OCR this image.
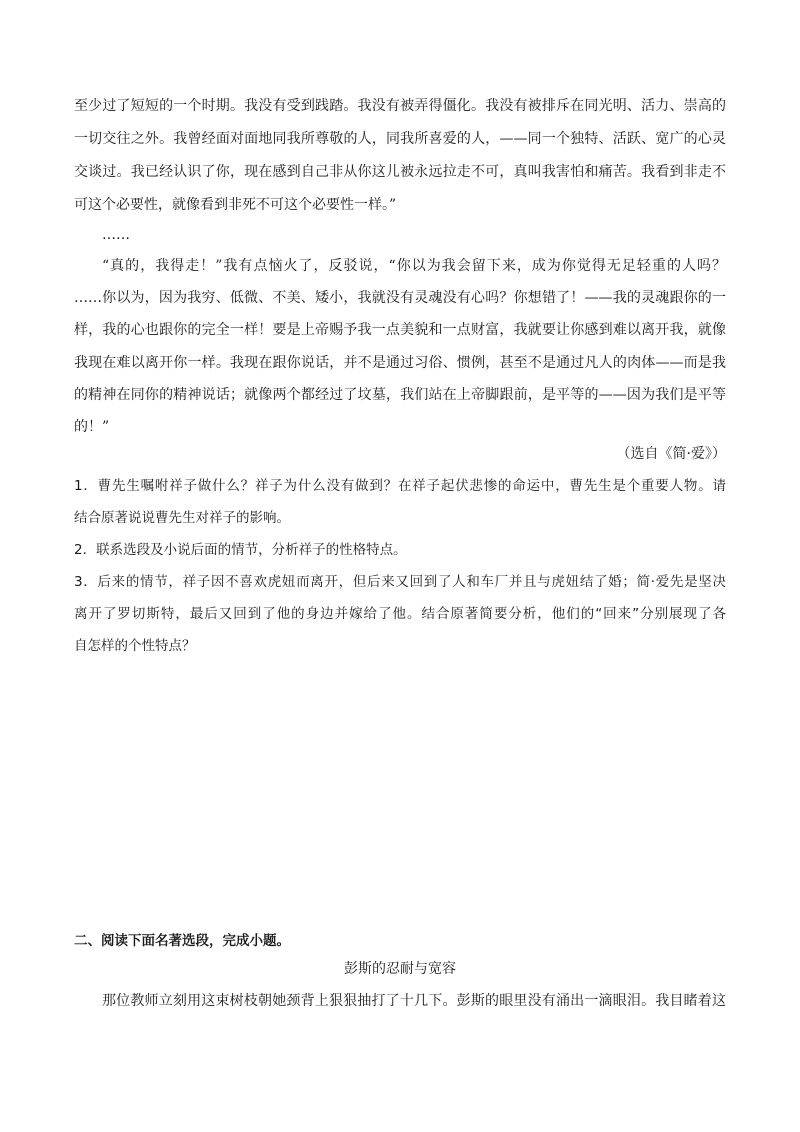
至少过了短短的一个时期。我没有受到践踏。我没有被弄得僵化。我没有被排斥在同光明、活力、崇高的
一切交往之外。我曾经面对面地同我所尊敬的人，同我所喜爱的人，——同一个独特、活跃、宽广的心灵
交谈过。我已经认识了你，现在感到自己非从你这儿被永远拉走不可，真叫我害怕和痛苦。我看到非走不
可这个必要性，就像看到非死不可这个必要性一样。”
……
“真的，我得走！”我有点恼火了，反驳说，“你以为我会留下来，成为你觉得无足轻重的人吗？
……你以为，因为我穷、低微、不美、矮小，我就没有灵魂没有心吗？你想错了！——我的灵魂跟你的一
样，我的心也跟你的完全一样！要是上帝赐予我一点美貌和一点财富，我就要让你感到难以离开我，就像
我现在难以离开你一样。我现在跟你说话，并不是通过习俗、惯例，甚至不是通过凡人的肉体——而是我
的精神在同你的精神说话；就像两个都经过了坟墓，我们站在上帝脚跟前，是平等的——因为我们是平等
的！”
（选自《简·爱》）
1．曹先生嘱咐祥子做什么？祥子为什么没有做到？在祥子起伏悲惨的命运中，曹先生是个重要人物。请
结合原著说说曹先生对祥子的影响。
2．联系选段及小说后面的情节，分析祥子的性格特点。
3．后来的情节，祥子因不喜欢虎妞而离开，但后来又回到了人和车厂并且与虎妞结了婚；简·爱先是坚决
离开了罗切斯特，最后又回到了他的身边并嫁给了他。结合原著简要分析，他们的“回来”分别展现了各
自怎样的个性特点？
二、阅读下面名著选段，完成小题。
彭斯的忍耐与宽容
那位教师立刻用这束树枝朝她颈背上狠狠抽打了十几下。彭斯的眼里没有涌出一滴眼泪。我目睹着这
